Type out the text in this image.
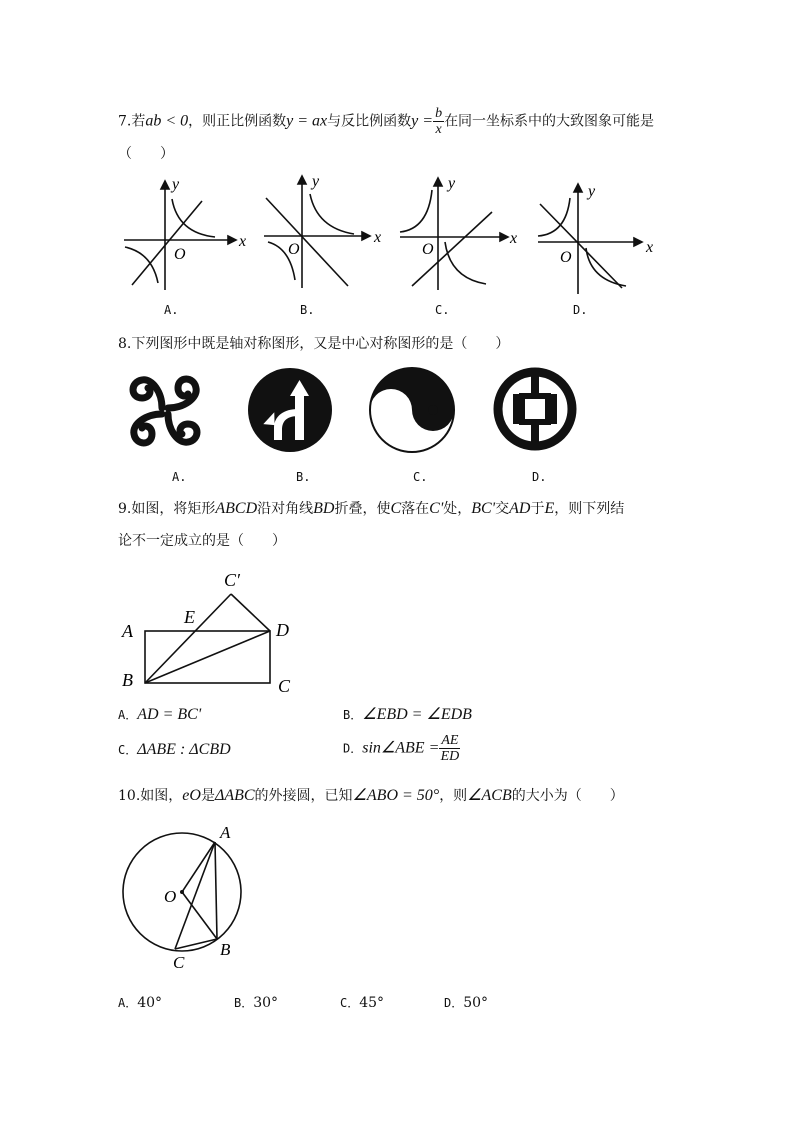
7.若ab < 0，则正比例函数y = ax与反比例函数$y = \frac{b}{x}$ 在同一坐标系中的大致图象可能是
（　　）
O
x
y
A.
O
x
y
B.
O
x
y
C.
O
x
y
D.
8.下列图形中既是轴对称图形，又是中心对称图形的是（　　）
A.	B.	C.	D.
9.如图，将矩形ABCD沿对角线BD折叠，使C落在C'处，BC'交AD于E，则下列结
论不一定成立的是（　　）
A
B	C
D
E
C′
A．AD = BC'	B．∠EBD = ∠EDB
C．ΔABE : ΔCBD	D．sin∠ABE = $\frac{AE}{ED}$
10.如图，eO是ΔABC的外接圆，已知∠ABO = 50°，则∠ACB的大小为（　　）
A
O
B
C
A．40°	B．30°	C．45°	D．50°
